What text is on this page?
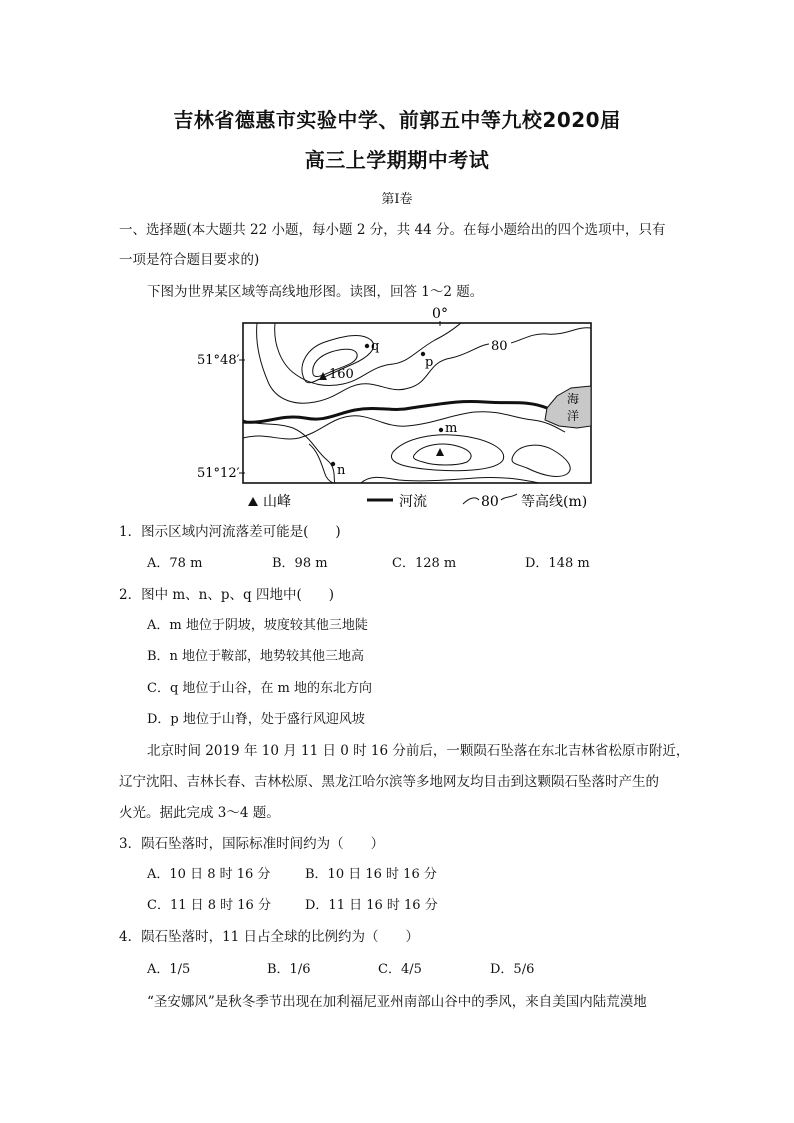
吉林省德惠市实验中学、前郭五中等九校2020届
高三上学期期中考试
第Ⅰ卷
一、选择题(本大题共 22 小题，每小题 2 分，共 44 分。在每小题给出的四个选项中，只有
一项是符合题目要求的)
下图为世界某区域等高线地形图。读图，回答 1～2 题。
0°
51°48′
51°12′
海
洋
80
160
q
p
m
n
山峰	河流	80 等高线(m)
1．图示区域内河流落差可能是(　　)
A．78 m	B．98 m	C．128 m	D．148 m
2．图中 m、n、p、q 四地中(　　)
A．m 地位于阴坡，坡度较其他三地陡
B．n 地位于鞍部，地势较其他三地高
C．q 地位于山谷，在 m 地的东北方向
D．p 地位于山脊，处于盛行风迎风坡
北京时间 2019 年 10 月 11 日 0 时 16 分前后，一颗陨石坠落在东北吉林省松原市附近，
辽宁沈阳、吉林长春、吉林松原、黑龙江哈尔滨等多地网友均目击到这颗陨石坠落时产生的
火光。据此完成 3～4 题。
3．陨石坠落时，国际标准时间约为（　　）
A．10 日 8 时 16 分	B．10 日 16 时 16 分
C．11 日 8 时 16 分	D．11 日 16 时 16 分
4．陨石坠落时，11 日占全球的比例约为（　　）
A．1/5	B．1/6	C．4/5	D．5/6
“圣安娜风”是秋冬季节出现在加利福尼亚州南部山谷中的季风，来自美国内陆荒漠地
